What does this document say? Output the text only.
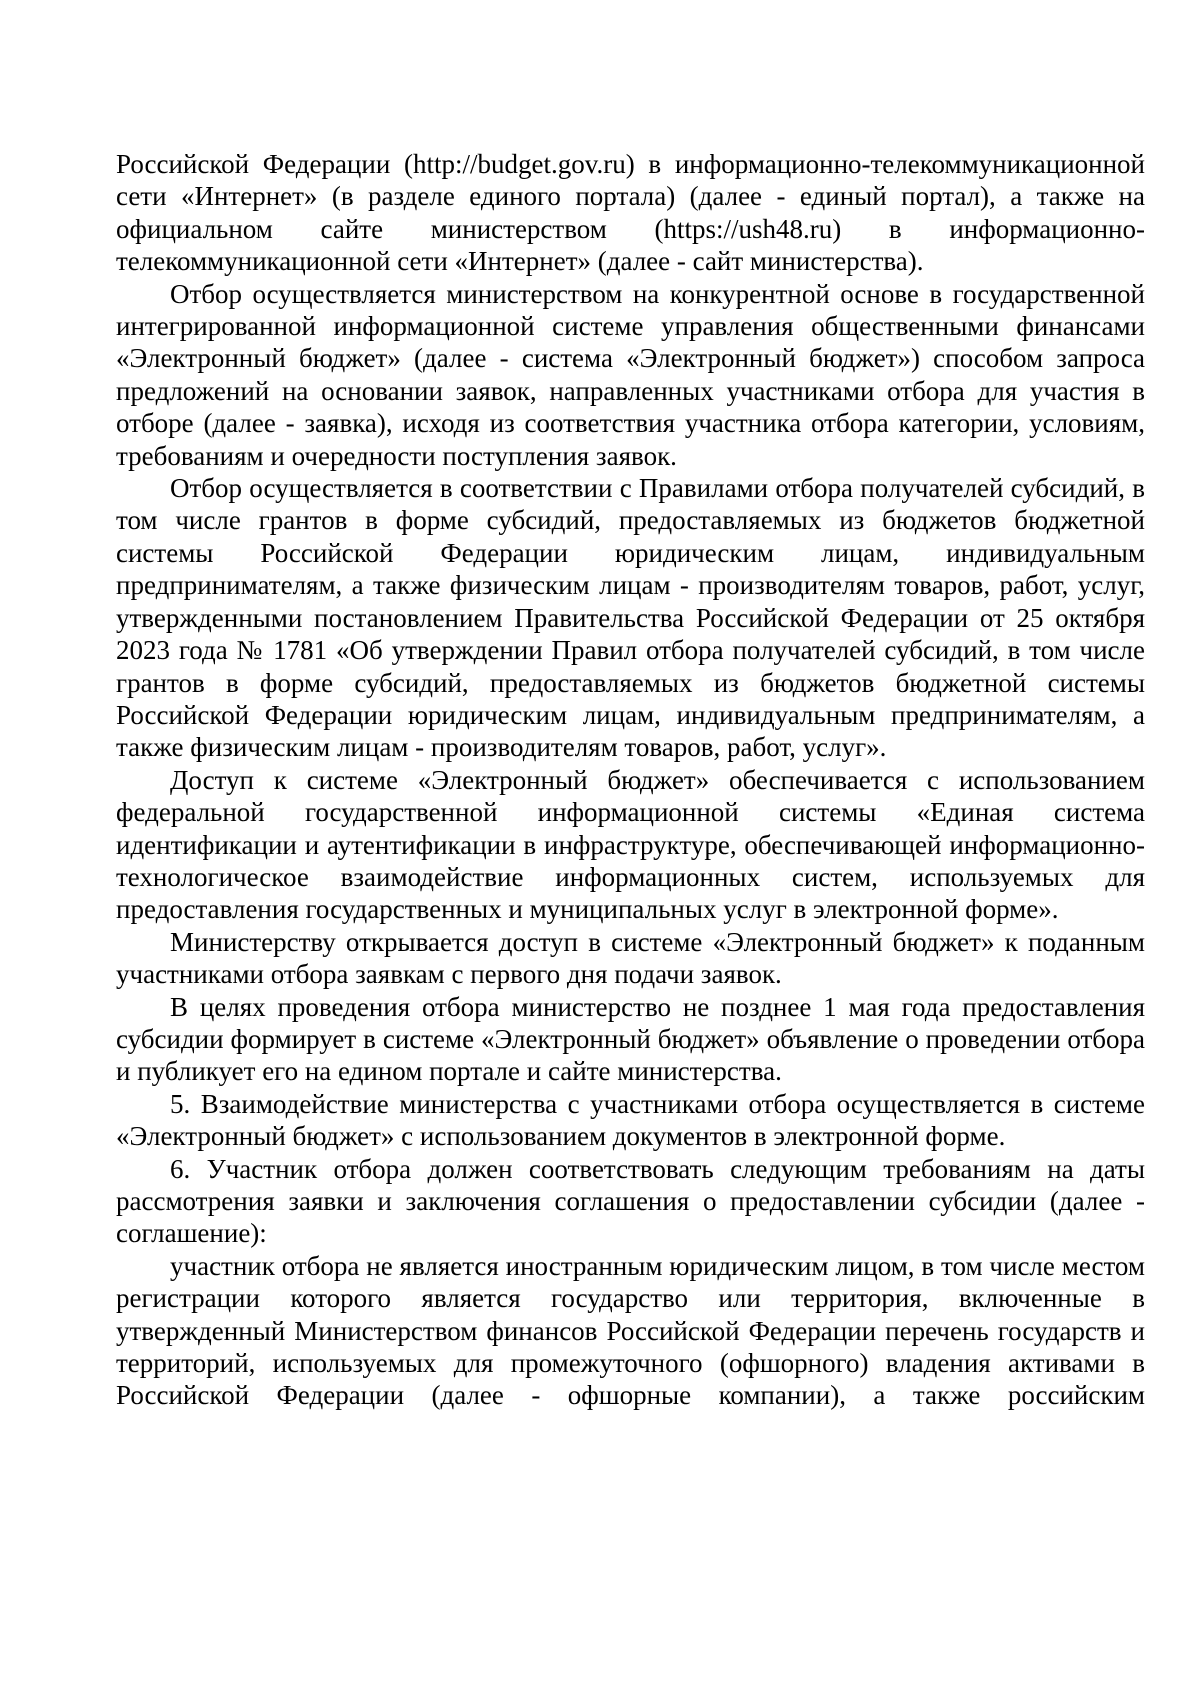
Российской Федерации (http://budget.gov.ru) в информационно-телекоммуникационной сети «Интернет» (в разделе единого портала) (далее - единый портал), а также на официальном сайте министерством (https://ush48.ru) в информационно-телекоммуникационной сети «Интернет» (далее - сайт министерства).

Отбор осуществляется министерством на конкурентной основе в государственной интегрированной информационной системе управления общественными финансами «Электронный бюджет» (далее - система «Электронный бюджет») способом запроса предложений на основании заявок, направленных участниками отбора для участия в отборе (далее - заявка), исходя из соответствия участника отбора категории, условиям, требованиям и очередности поступления заявок.

Отбор осуществляется в соответствии с Правилами отбора получателей субсидий, в том числе грантов в форме субсидий, предоставляемых из бюджетов бюджетной системы Российской Федерации юридическим лицам, индивидуальным предпринимателям, а также физическим лицам - производителям товаров, работ, услуг, утвержденными постановлением Правительства Российской Федерации от 25 октября 2023 года № 1781 «Об утверждении Правил отбора получателей субсидий, в том числе грантов в форме субсидий, предоставляемых из бюджетов бюджетной системы Российской Федерации юридическим лицам, индивидуальным предпринимателям, а также физическим лицам - производителям товаров, работ, услуг».

Доступ к системе «Электронный бюджет» обеспечивается с использованием федеральной государственной информационной системы «Единая система идентификации и аутентификации в инфраструктуре, обеспечивающей информационно-технологическое взаимодействие информационных систем, используемых для предоставления государственных и муниципальных услуг в электронной форме».

Министерству открывается доступ в системе «Электронный бюджет» к поданным участниками отбора заявкам с первого дня подачи заявок.

В целях проведения отбора министерство не позднее 1 мая года предоставления субсидии формирует в системе «Электронный бюджет» объявление о проведении отбора и публикует его на едином портале и сайте министерства.

5. Взаимодействие министерства с участниками отбора осуществляется в системе «Электронный бюджет» с использованием документов в электронной форме.

6. Участник отбора должен соответствовать следующим требованиям на даты рассмотрения заявки и заключения соглашения о предоставлении субсидии (далее - соглашение):

участник отбора не является иностранным юридическим лицом, в том числе местом регистрации которого является государство или территория, включенные в утвержденный Министерством финансов Российской Федерации перечень государств и территорий, используемых для промежуточного (офшорного) владения активами в Российской Федерации (далее - офшорные компании), а также российским
